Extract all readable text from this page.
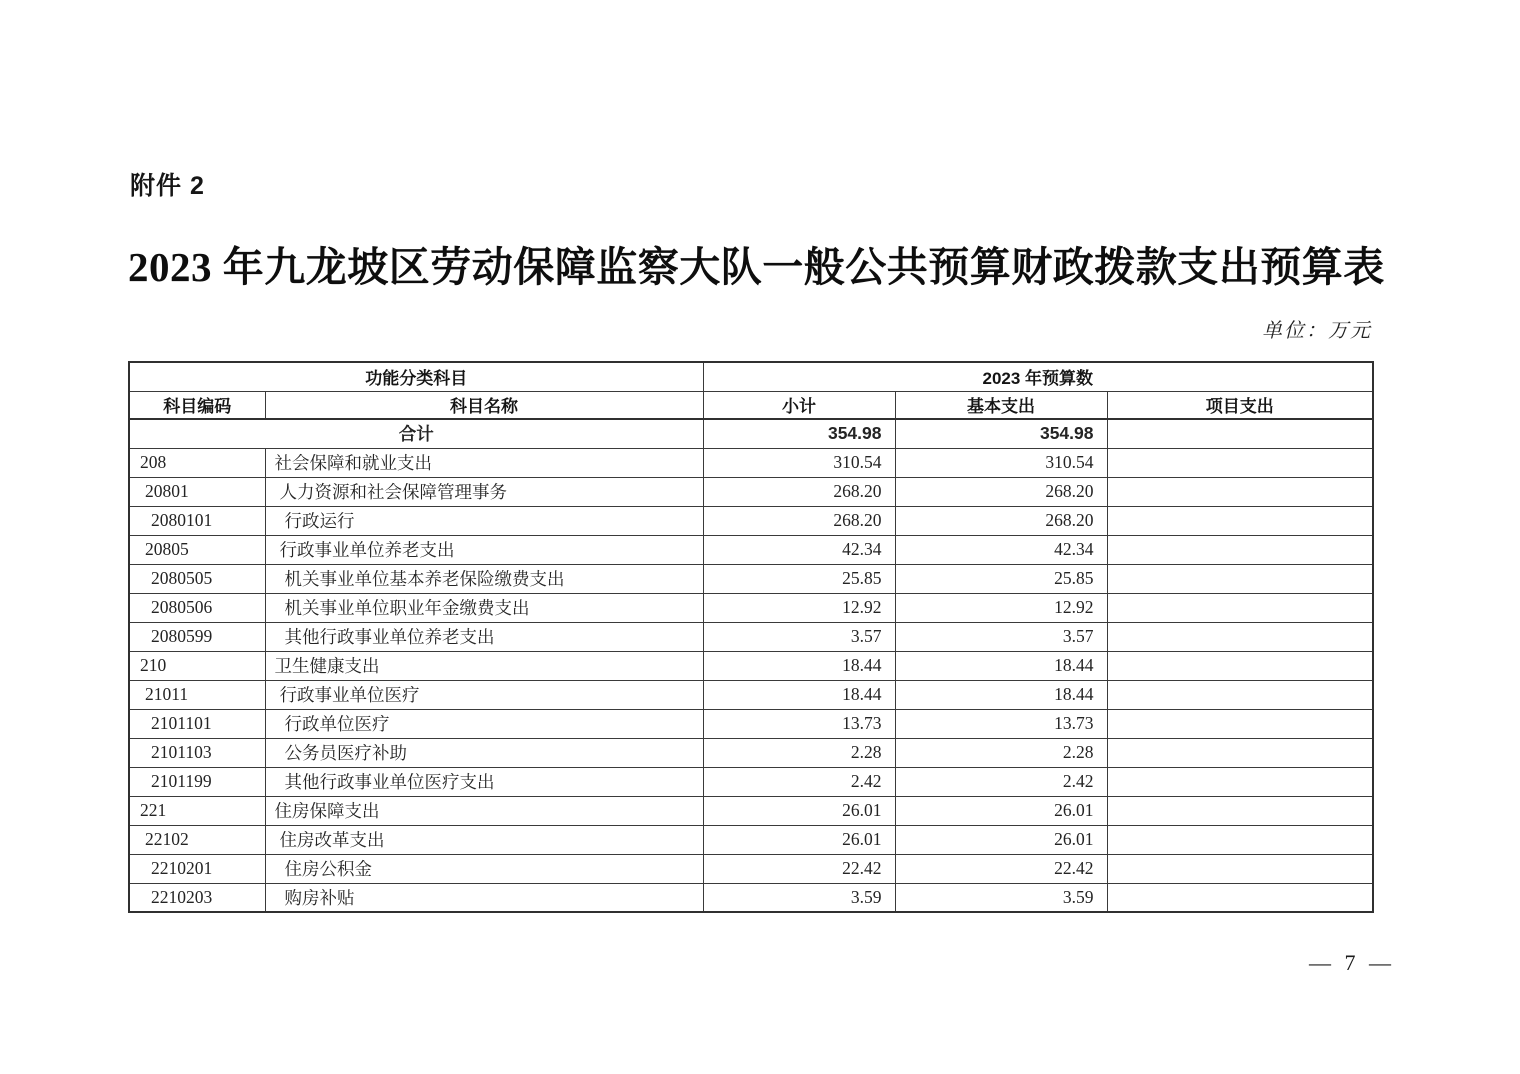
附件 2
2023 年九龙坡区劳动保障监察大队一般公共预算财政拨款支出预算表
单位：万元
功能分类科目		2023 年预算数		
科目编码	科目名称	小计	基本支出	项目支出
合计		354.98	354.98	
208	社会保障和就业支出	310.54	310.54	
20801	人力资源和社会保障管理事务	268.20	268.20	
2080101	行政运行	268.20	268.20	
20805	行政事业单位养老支出	42.34	42.34	
2080505	机关事业单位基本养老保险缴费支出	25.85	25.85	
2080506	机关事业单位职业年金缴费支出	12.92	12.92	
2080599	其他行政事业单位养老支出	3.57	3.57	
210	卫生健康支出	18.44	18.44	
21011	行政事业单位医疗	18.44	18.44	
2101101	行政单位医疗	13.73	13.73	
2101103	公务员医疗补助	2.28	2.28	
2101199	其他行政事业单位医疗支出	2.42	2.42	
221	住房保障支出	26.01	26.01	
22102	住房改革支出	26.01	26.01	
2210201	住房公积金	22.42	22.42	
2210203	购房补贴	3.59	3.59	
— 7 —
